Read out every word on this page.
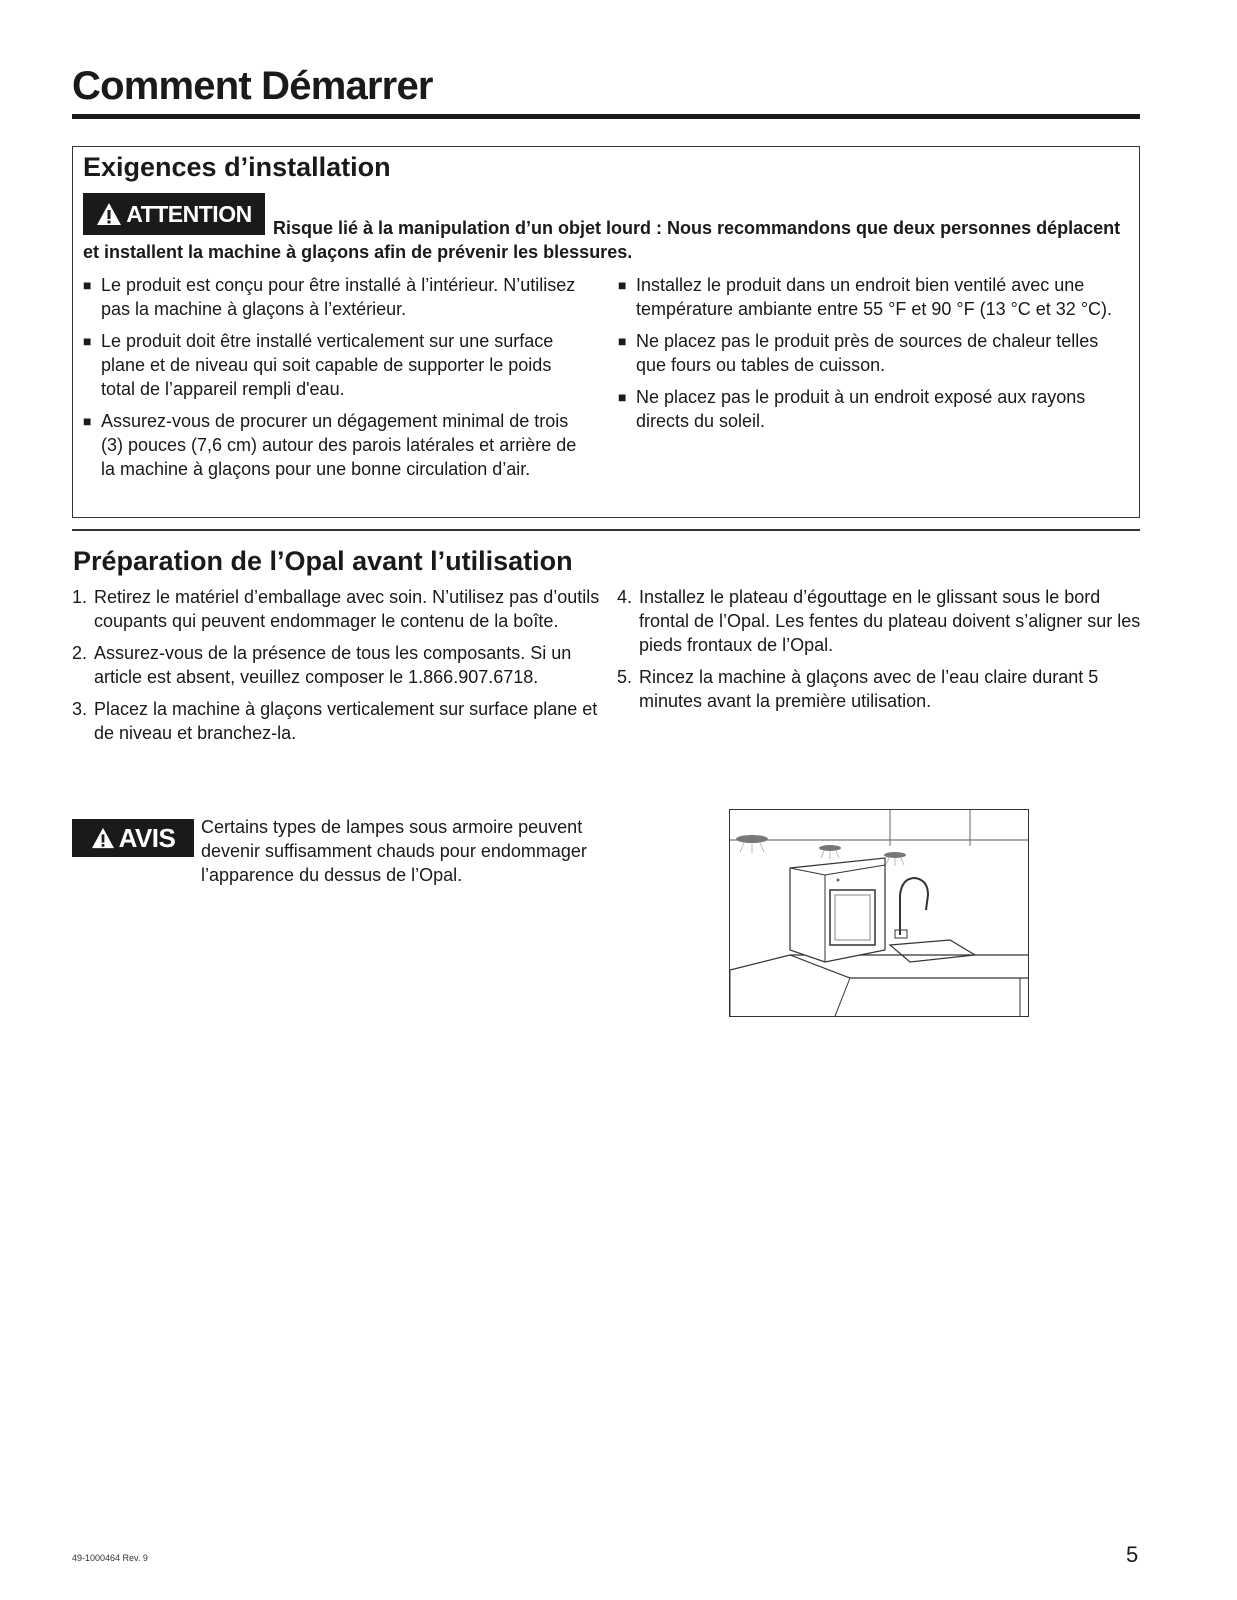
Comment Démarrer
Exigences d’installation
ATTENTION

Risque lié à la manipulation d’un objet lourd : Nous recommandons que deux personnes déplacent et installent la machine à glaçons afin de prévenir les blessures.

■ Le produit est conçu pour être installé à l’intérieur. N’utilisez pas la machine à glaçons à l’extérieur.
■ Le produit doit être installé verticalement sur une surface plane et de niveau qui soit capable de supporter le poids total de l’appareil rempli d'eau.
■ Assurez-vous de procurer un dégagement minimal de trois (3) pouces (7,6 cm) autour des parois latérales et arrière de la machine à glaçons pour une bonne circulation d’air.
■ Installez le produit dans un endroit bien ventilé avec une température ambiante entre 55 °F et 90 °F (13 °C et 32 °C).
■ Ne placez pas le produit près de sources de chaleur telles que fours ou tables de cuisson.
■ Ne placez pas le produit à un endroit exposé aux rayons directs du soleil.
Préparation de l’Opal avant l’utilisation
1. Retirez le matériel d’emballage avec soin. N’utilisez pas d’outils coupants qui peuvent endommager le contenu de la boîte.
2. Assurez-vous de la présence de tous les composants. Si un article est absent, veuillez composer le 1.866.907.6718.
3. Placez la machine à glaçons verticalement sur surface plane et de niveau et branchez-la.
4. Installez le plateau d’égouttage en le glissant sous le bord frontal de l’Opal. Les fentes du plateau doivent s’aligner sur les pieds frontaux de l’Opal.
5. Rincez la machine à glaçons avec de l’eau claire durant 5 minutes avant la première utilisation.
AVIS Certains types de lampes sous armoire peuvent devenir suffisamment chauds pour endommager l’apparence du dessus de l’Opal.

49-1000464 Rev. 9	5
